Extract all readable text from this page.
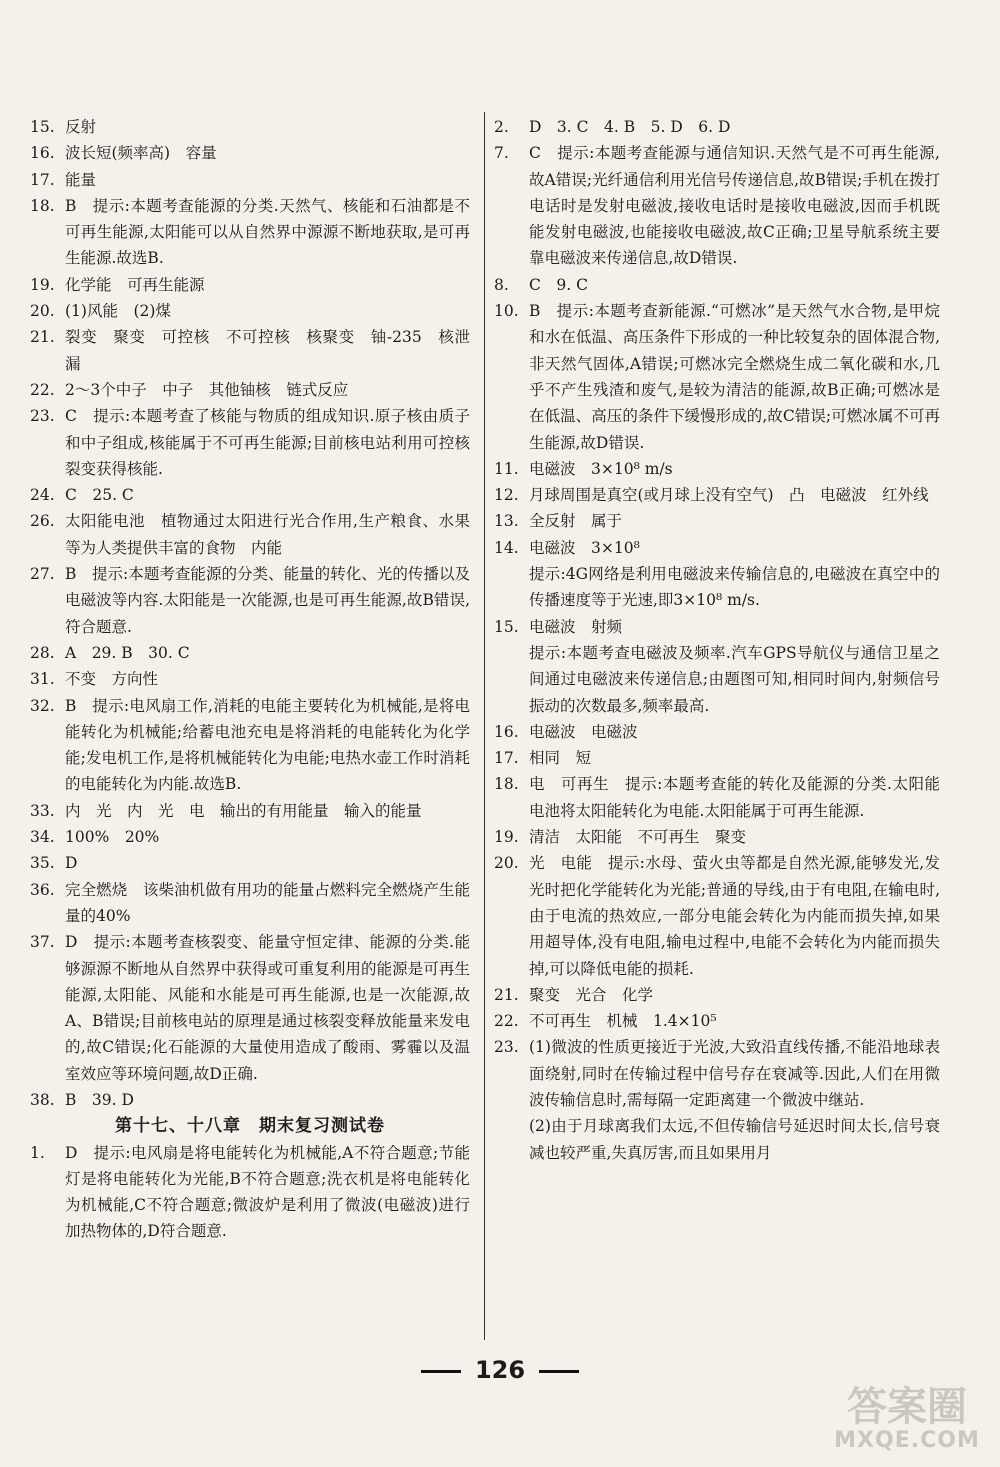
15. 反射
16. 波长短(频率高)　容量
17. 能量
18. B　提示:本题考查能源的分类.天然气、核能和石油都是不可再生能源,太阳能可以从自然界中源源不断地获取,是可再生能源.故选B.
19. 化学能　可再生能源
20. (1)风能　(2)煤
21. 裂变　聚变　可控核　不可控核　核聚变　铀-235　核泄漏
22. 2～3个中子　中子　其他铀核　链式反应
23. C　提示:本题考查了核能与物质的组成知识.原子核由质子和中子组成,核能属于不可再生能源;目前核电站利用可控核裂变获得核能.
24. C　25. C
26. 太阳能电池　植物通过太阳进行光合作用,生产粮食、水果等为人类提供丰富的食物　内能
27. B　提示:本题考查能源的分类、能量的转化、光的传播以及电磁波等内容.太阳能是一次能源,也是可再生能源,故B错误,符合题意.
28. A　29. B　30. C
31. 不变　方向性
32. B　提示:电风扇工作,消耗的电能主要转化为机械能,是将电能转化为机械能;给蓄电池充电是将消耗的电能转化为化学能;发电机工作,是将机械能转化为电能;电热水壶工作时消耗的电能转化为内能.故选B.
33. 内　光　内　光　电　输出的有用能量　输入的能量
34. 100%　20%
35. D
36. 完全燃烧　该柴油机做有用功的能量占燃料完全燃烧产生能量的40%
37. D　提示:本题考查核裂变、能量守恒定律、能源的分类.能够源源不断地从自然界中获得或可重复利用的能源是可再生能源,太阳能、风能和水能是可再生能源,也是一次能源,故A、B错误;目前核电站的原理是通过核裂变释放能量来发电的,故C错误;化石能源的大量使用造成了酸雨、雾霾以及温室效应等环境问题,故D正确.
38. B　39. D
第十七、十八章　期末复习测试卷
1. D　提示:电风扇是将电能转化为机械能,A不符合题意;节能灯是将电能转化为光能,B不符合题意;洗衣机是将电能转化为机械能,C不符合题意;微波炉是利用了微波(电磁波)进行加热物体的,D符合题意.
2. D　3. C　4. B　5. D　6. D
7. C　提示:本题考查能源与通信知识.天然气是不可再生能源,故A错误;光纤通信利用光信号传递信息,故B错误;手机在拨打电话时是发射电磁波,接收电话时是接收电磁波,因而手机既能发射电磁波,也能接收电磁波,故C正确;卫星导航系统主要靠电磁波来传递信息,故D错误.
8. C　9. C
10. B　提示:本题考查新能源.“可燃冰”是天然气水合物,是甲烷和水在低温、高压条件下形成的一种比较复杂的固体混合物,非天然气固体,A错误;可燃冰完全燃烧生成二氧化碳和水,几乎不产生残渣和废气,是较为清洁的能源,故B正确;可燃冰是在低温、高压的条件下缓慢形成的,故C错误;可燃冰属不可再生能源,故D错误.
11. 电磁波　3×10⁸ m/s
12. 月球周围是真空(或月球上没有空气)　凸　电磁波　红外线
13. 全反射　属于
14. 电磁波　3×10⁸
提示:4G网络是利用电磁波来传输信息的,电磁波在真空中的传播速度等于光速,即3×10⁸ m/s.
15. 电磁波　射频
提示:本题考查电磁波及频率.汽车GPS导航仪与通信卫星之间通过电磁波来传递信息;由题图可知,相同时间内,射频信号振动的次数最多,频率最高.
16. 电磁波　电磁波
17. 相同　短
18. 电　可再生　提示:本题考查能的转化及能源的分类.太阳能电池将太阳能转化为电能.太阳能属于可再生能源.
19. 清洁　太阳能　不可再生　聚变
20. 光　电能　提示:水母、萤火虫等都是自然光源,能够发光,发光时把化学能转化为光能;普通的导线,由于有电阻,在输电时,由于电流的热效应,一部分电能会转化为内能而损失掉,如果用超导体,没有电阻,输电过程中,电能不会转化为内能而损失掉,可以降低电能的损耗.
21. 聚变　光合　化学
22. 不可再生　机械　1.4×10⁵
23. (1)微波的性质更接近于光波,大致沿直线传播,不能沿地球表面绕射,同时在传输过程中信号存在衰减等.因此,人们在用微波传输信息时,需每隔一定距离建一个微波中继站.
(2)由于月球离我们太远,不但传输信号延迟时间太长,信号衰减也较严重,失真厉害,而且如果用月
126
答案圈
MXQE.COM
